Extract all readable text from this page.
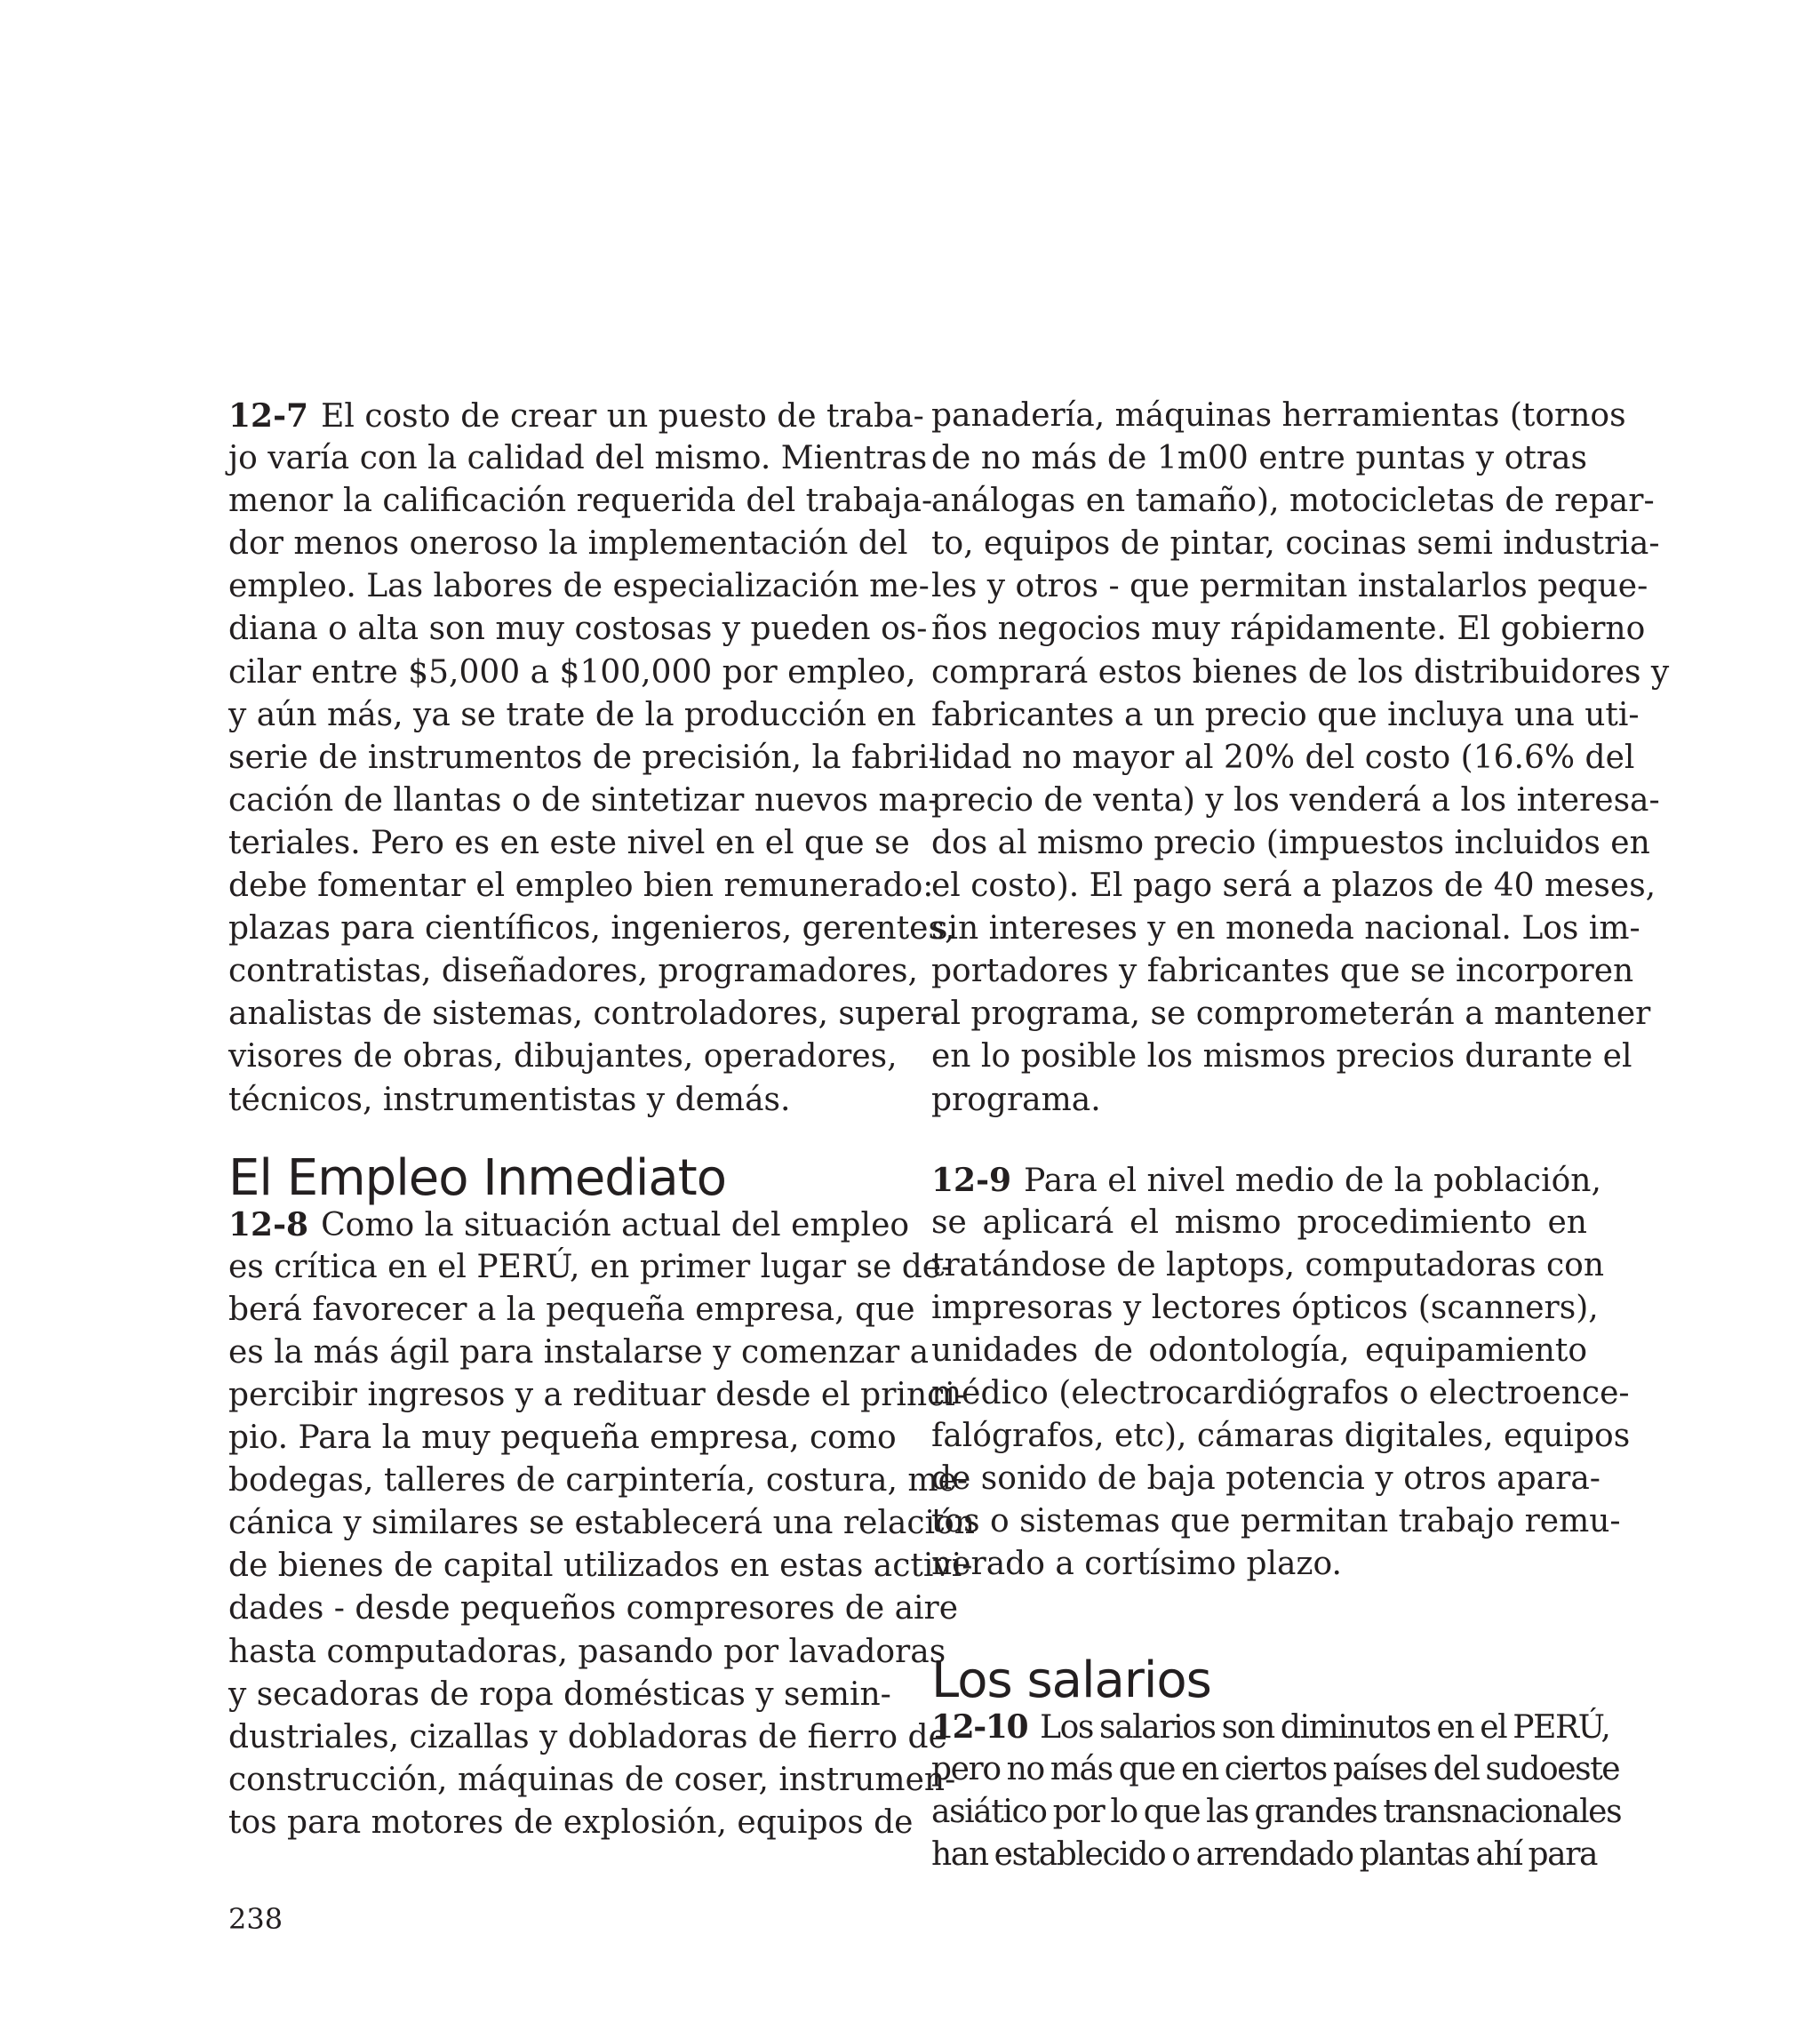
12-7 El costo de crear un puesto de traba-
jo varía con la calidad del mismo. Mientras
menor la calificación requerida del trabaja-
dor menos oneroso la implementación del
empleo. Las labores de especialización me-
diana o alta son muy costosas y pueden os-
cilar entre $5,000 a $100,000 por empleo,
y aún más, ya se trate de la producción en
serie de instrumentos de precisión, la fabri-
cación de llantas o de sintetizar nuevos ma-
teriales. Pero es en este nivel en el que se
debe fomentar el empleo bien remunerado:
plazas para científicos, ingenieros, gerentes,
contratistas, diseñadores, programadores,
analistas de sistemas, controladores, super-
visores de obras, dibujantes, operadores,
técnicos, instrumentistas y demás.
El Empleo Inmediato
12-8 Como la situación actual del empleo
es crítica en el PERÚ, en primer lugar se de-
berá favorecer a la pequeña empresa, que
es la más ágil para instalarse y comenzar a
percibir ingresos y a redituar desde el princi-
pio. Para la muy pequeña empresa, como
bodegas, talleres de carpintería, costura, me-
cánica y similares se establecerá una relación
de bienes de capital utilizados en estas activi-
dades - desde pequeños compresores de aire
hasta computadoras, pasando por lavadoras
y secadoras de ropa domésticas y semin-
dustriales, cizallas y dobladoras de fierro de
construcción, máquinas de coser, instrumen-
tos para motores de explosión, equipos de
panadería, máquinas herramientas (tornos
de no más de 1m00 entre puntas y otras
análogas en tamaño), motocicletas de repar-
to, equipos de pintar, cocinas semi industria-
les y otros - que permitan instalarlos peque-
ños negocios muy rápidamente. El gobierno
comprará estos bienes de los distribuidores y
fabricantes a un precio que incluya una uti-
lidad no mayor al 20% del costo (16.6% del
precio de venta) y los venderá a los interesa-
dos al mismo precio (impuestos incluidos en
el costo). El pago será a plazos de 40 meses,
sin intereses y en moneda nacional. Los im-
portadores y fabricantes que se incorporen
al programa, se comprometerán a mantener
en lo posible los mismos precios durante el
programa.
12-9 Para el nivel medio de la población,
se aplicará el mismo procedimiento en
tratándose de laptops, computadoras con
impresoras y lectores ópticos (scanners),
unidades de odontología, equipamiento
médico (electrocardiógrafos o electroence-
falógrafos, etc), cámaras digitales, equipos
de sonido de baja potencia y otros apara-
tos o sistemas que permitan trabajo remu-
nerado a cortísimo plazo.
Los salarios
12-10 Los salarios son diminutos en el PERÚ,
pero no más que en ciertos países del sudoeste
asiático por lo que las grandes transnacionales
han establecido o arrendado plantas ahí para
238
